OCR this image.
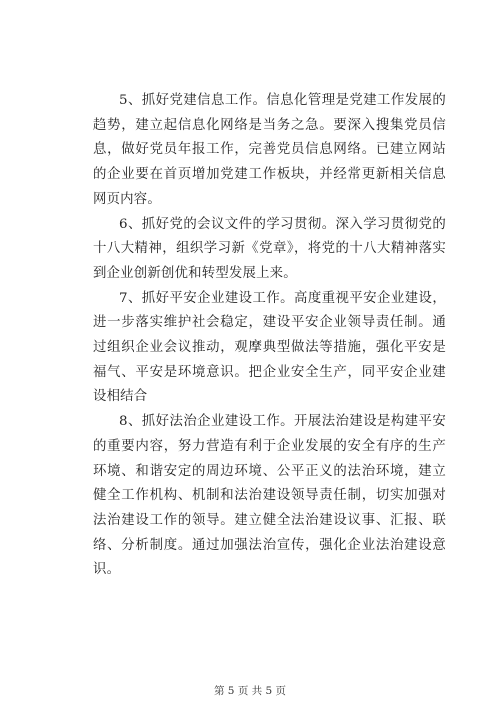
5、抓好党建信息工作。信息化管理是党建工作发展的趋势，建立起信息化网络是当务之急。要深入搜集党员信息，做好党员年报工作，完善党员信息网络。已建立网站的企业要在首页增加党建工作板块，并经常更新相关信息网页内容。

6、抓好党的会议文件的学习贯彻。深入学习贯彻党的十八大精神，组织学习新《党章》，将党的十八大精神落实到企业创新创优和转型发展上来。

7、抓好平安企业建设工作。高度重视平安企业建设，进一步落实维护社会稳定，建设平安企业领导责任制。通过组织企业会议推动，观摩典型做法等措施，强化平安是福气、平安是环境意识。把企业安全生产，同平安企业建设相结合

8、抓好法治企业建设工作。开展法治建设是构建平安的重要内容，努力营造有利于企业发展的安全有序的生产环境、和谐安定的周边环境、公平正义的法治环境，建立健全工作机构、机制和法治建设领导责任制，切实加强对法治建设工作的领导。建立健全法治建设议事、汇报、联络、分析制度。通过加强法治宣传，强化企业法治建设意识。

第 5 页 共 5 页
